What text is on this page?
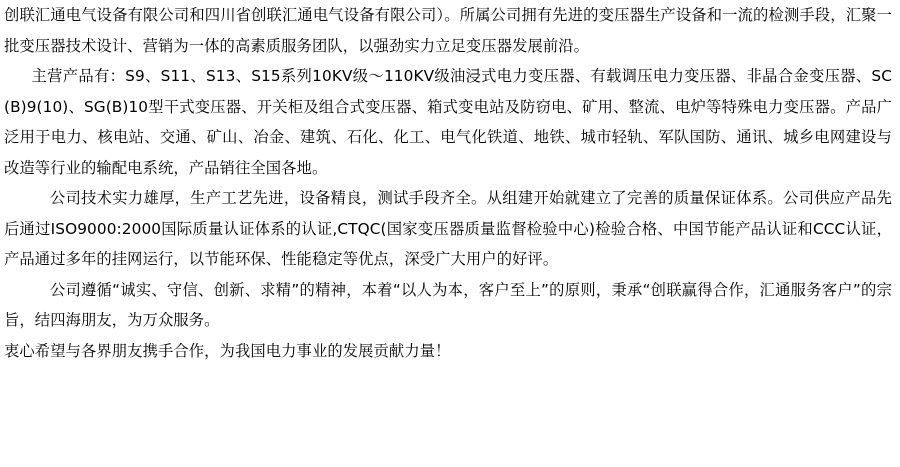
创联汇通电气设备有限公司和四川省创联汇通电气设备有限公司）。所属公司拥有先进的变压器生产设备和一流的检测手段，汇聚一批变压器技术设计、营销为一体的高素质服务团队，以强劲实力立足变压器发展前沿。

主营产品有：S9、S11、S13、S15系列10KV级～110KV级油浸式电力变压器、有载调压电力变压器、非晶合金变压器、SC(B)9(10)、SG(B)10型干式变压器、开关柜及组合式变压器、箱式变电站及防窃电、矿用、整流、电炉等特殊电力变压器。产品广泛用于电力、核电站、交通、矿山、冶金、建筑、石化、化工、电气化铁道、地铁、城市轻轨、军队国防、通讯、城乡电网建设与改造等行业的输配电系统，产品销往全国各地。

公司技术实力雄厚，生产工艺先进，设备精良，测试手段齐全。从组建开始就建立了完善的质量保证体系。公司供应产品先后通过ISO9000:2000国际质量认证体系的认证,CTQC(国家变压器质量监督检验中心)检验合格、中国节能产品认证和CCC认证，产品通过多年的挂网运行，以节能环保、性能稳定等优点，深受广大用户的好评。

公司遵循“诚实、守信、创新、求精”的精神，本着“以人为本，客户至上”的原则，秉承“创联赢得合作，汇通服务客户”的宗旨，结四海朋友，为万众服务。

衷心希望与各界朋友携手合作，为我国电力事业的发展贡献力量！
